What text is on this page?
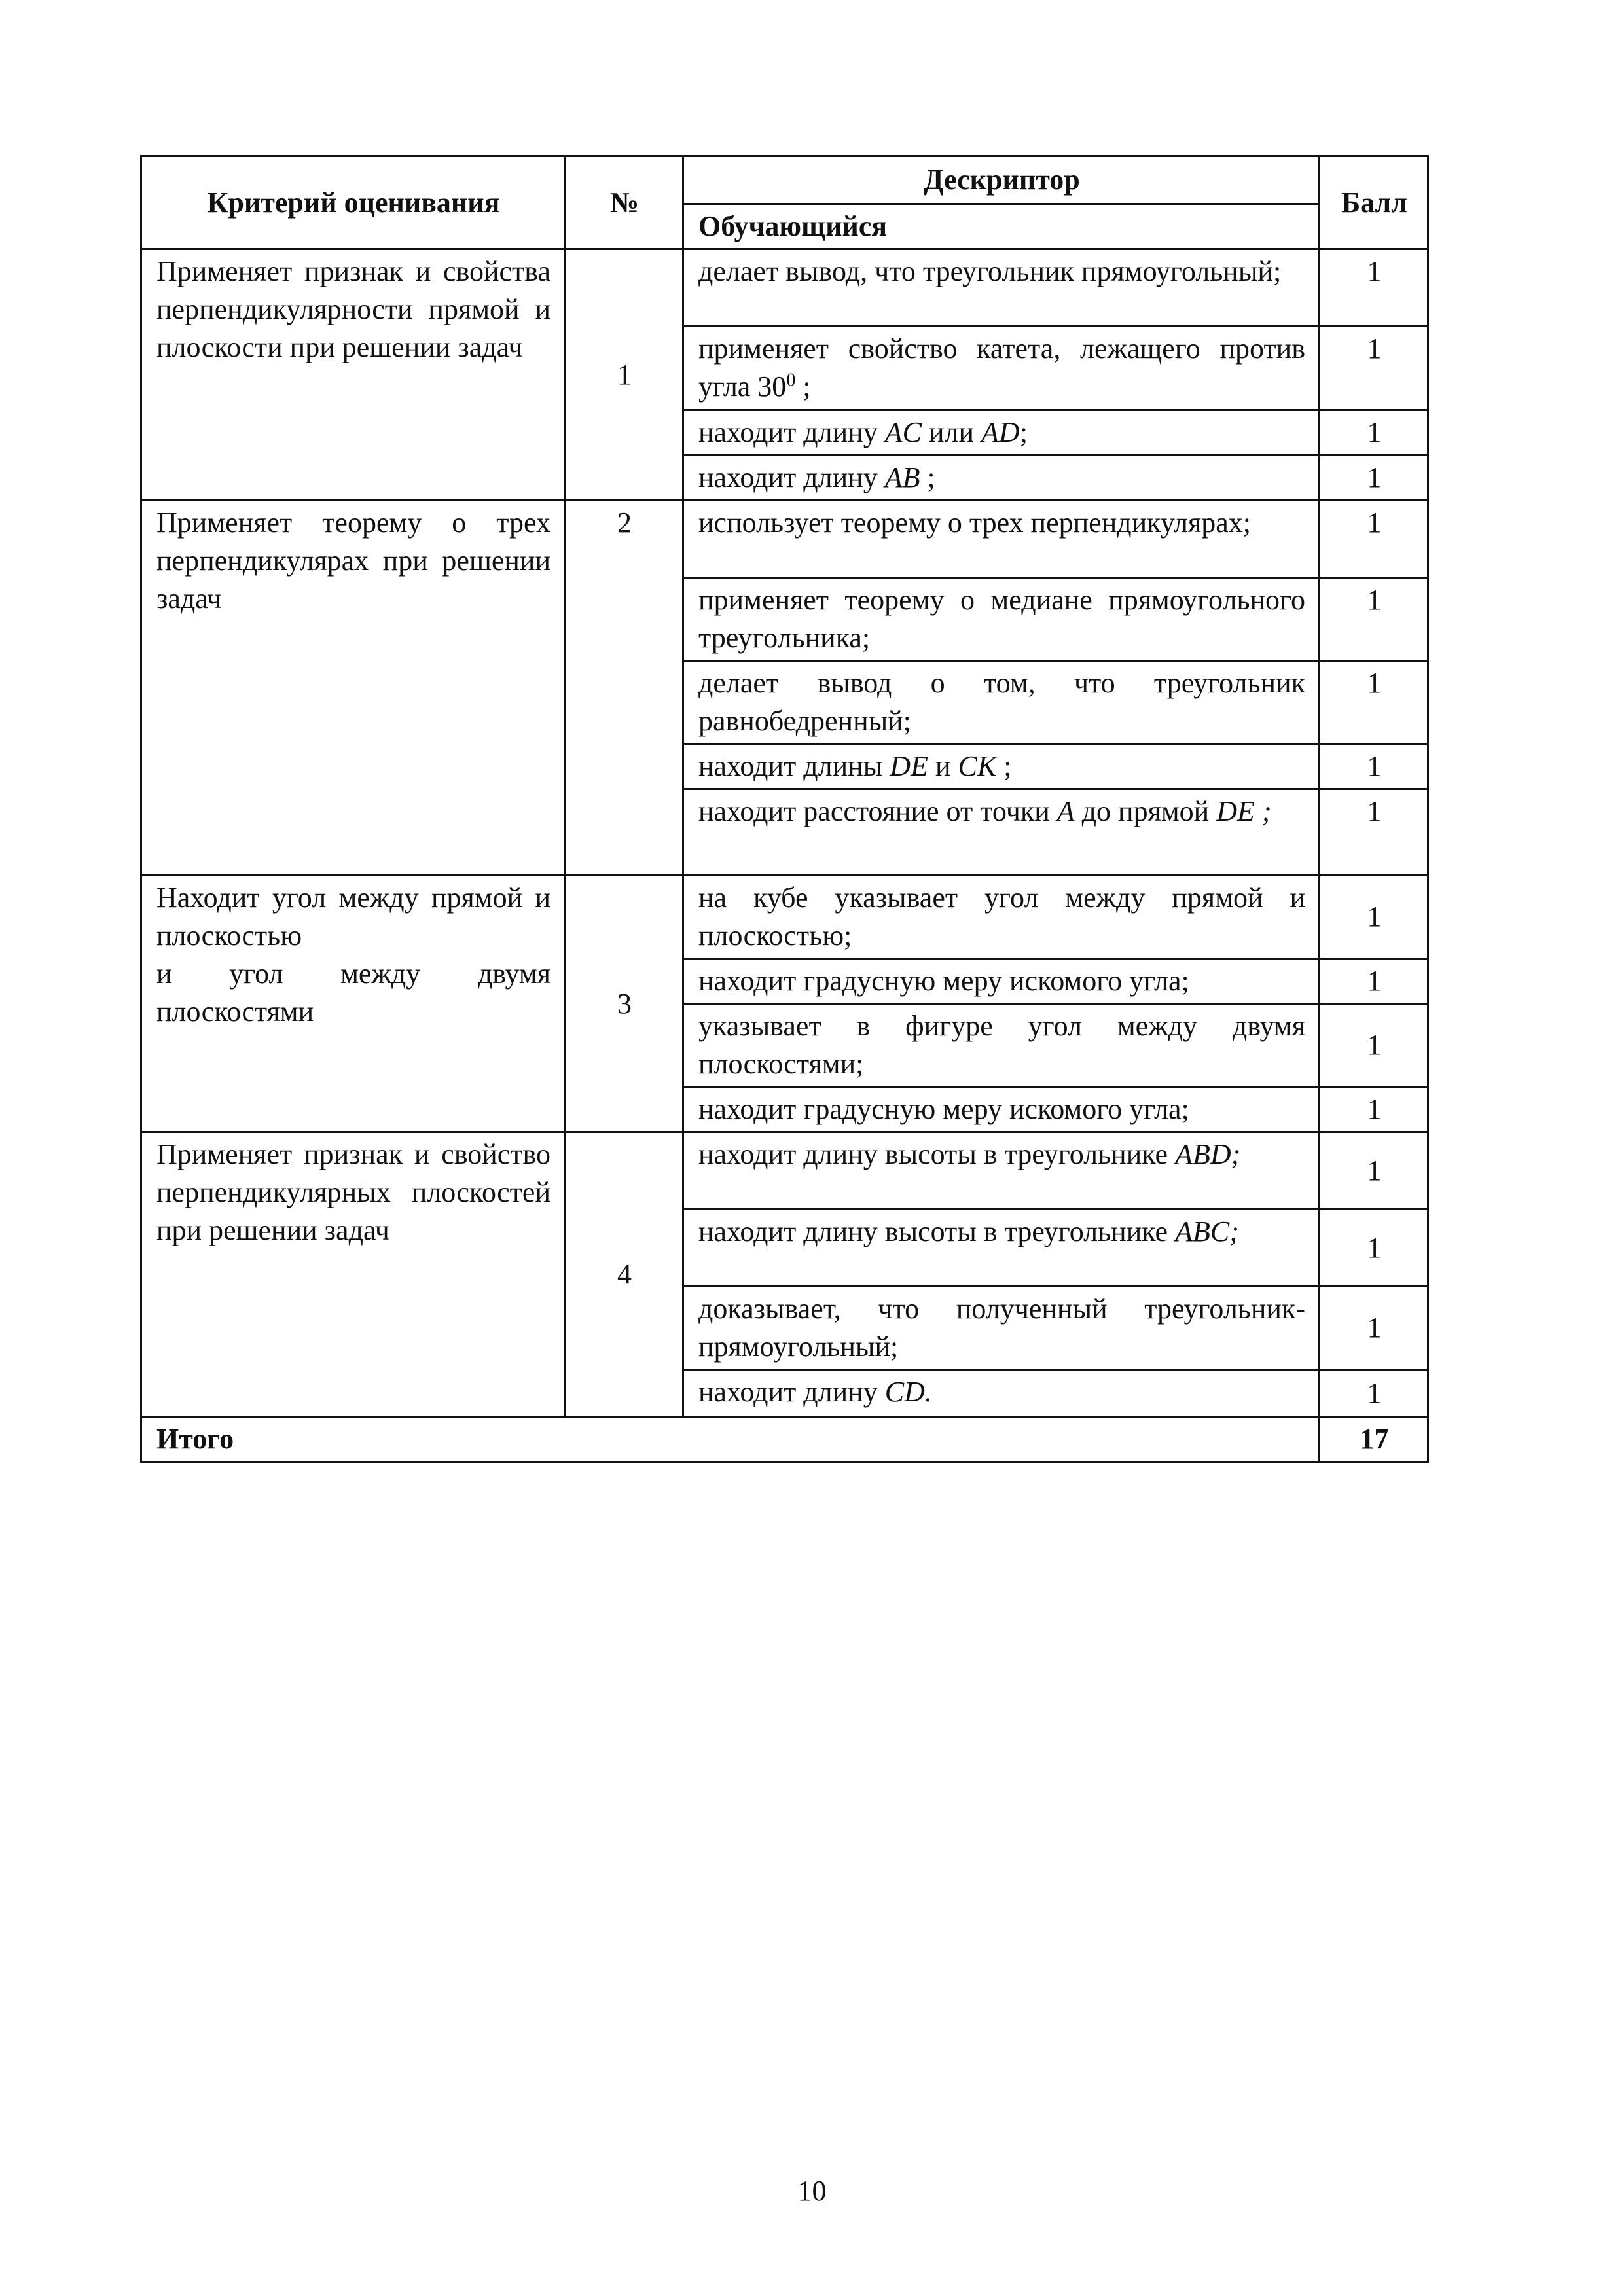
Критерий оценивания	№	Дескриптор	Балл
		Обучающийся	
Применяет признак и свойства перпендикулярности прямой и плоскости при решении задач	1	делает вывод, что треугольник прямоугольный;	1
		применяет свойство катета, лежащего против угла $30^0$ ;	1
		находит длину AC или AD;	1
		находит длину AB ;	1
Применяет теорему о трех перпендикулярах при решении задач	2	использует теорему о трех перпендикулярах;	1
		применяет теорему о медиане прямоугольного треугольника;	1
		делает вывод о том, что треугольник равнобедренный;	1
		находит длины DE и CK ;	1
		находит расстояние от точки A до прямой DE ;	1

Находит угол между прямой и плоскостью
и угол между двумя плоскостями	3	на кубе указывает угол между прямой и плоскостью;	1
		находит градусную меру искомого угла;	1
		указывает в фигуре угол между двумя плоскостями;	1
		находит градусную меру искомого угла;	1
Применяет признак и свойство перпендикулярных плоскостей при решении задач	4	находит длину высоты в треугольнике ABD;	1
		находит длину высоты в треугольнике ABC;	1
		доказывает, что полученный треугольник-прямоугольный;	1
		находит длину CD.	1
Итого			17
10
